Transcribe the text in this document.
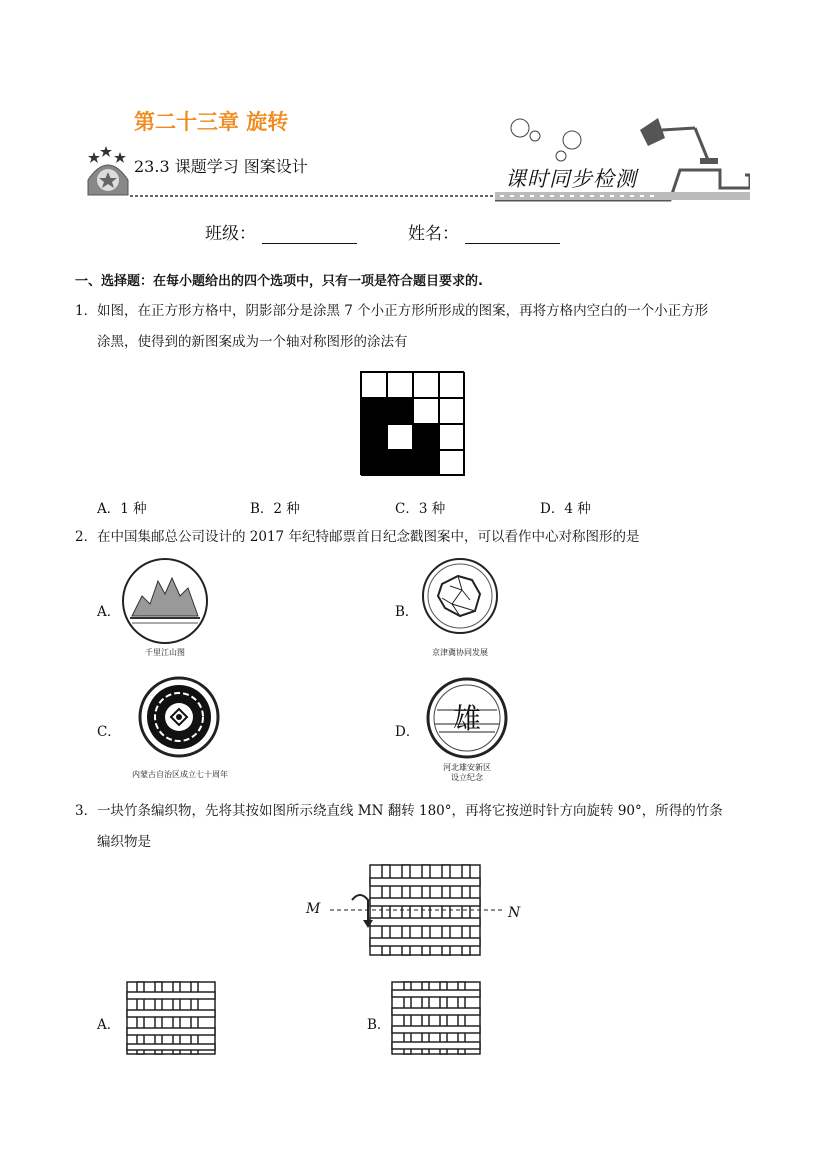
第二十三章 旋转
23.3 课题学习 图案设计
课时同步检测
班级：	姓名：
一、选择题：在每小题给出的四个选项中，只有一项是符合题目要求的.
1． 如图，在正方形方格中，阴影部分是涂黑 7 个小正方形所形成的图案，再将方格内空白的一个小正方形
涂黑，使得到的新图案成为一个轴对称图形的涂法有
A．1 种	B．2 种	C．3 种	D．4 种
2． 在中国集邮总公司设计的 2017 年纪特邮票首日纪念戳图案中，可以看作中心对称图形的是
A．
千里江山图
B．
京津冀协同发展
C．
内蒙古自治区成立七十周年
D． 雄
河北雄安新区
设立纪念
3． 一块竹条编织物，先将其按如图所示绕直线 MN 翻转 180°，再将它按逆时针方向旋转 90°，所得的竹条
编织物是
M	N
A．	B．
